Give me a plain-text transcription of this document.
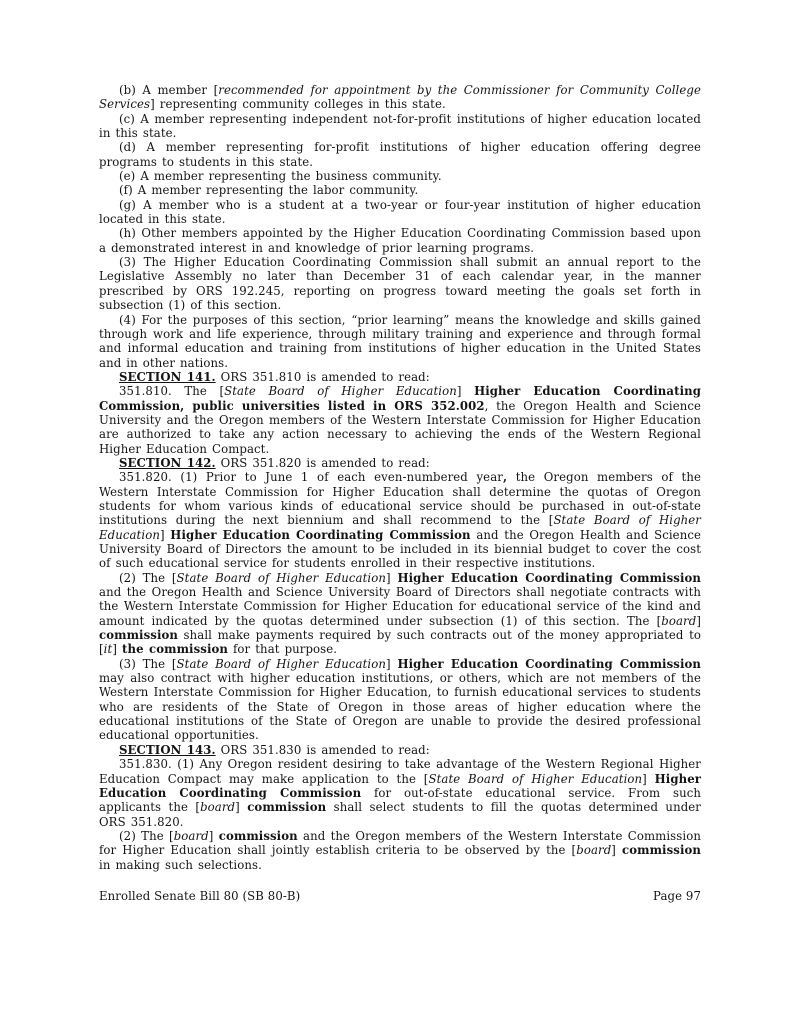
(b) A member [recommended for appointment by the Commissioner for Community College Services] representing community colleges in this state.

(c) A member representing independent not-for-profit institutions of higher education located in this state.

(d) A member representing for-profit institutions of higher education offering degree programs to students in this state.

(e) A member representing the business community.

(f) A member representing the labor community.

(g) A member who is a student at a two-year or four-year institution of higher education located in this state.

(h) Other members appointed by the Higher Education Coordinating Commission based upon a demonstrated interest in and knowledge of prior learning programs.

(3) The Higher Education Coordinating Commission shall submit an annual report to the Legislative Assembly no later than December 31 of each calendar year, in the manner prescribed by ORS 192.245, reporting on progress toward meeting the goals set forth in subsection (1) of this section.

(4) For the purposes of this section, “prior learning” means the knowledge and skills gained through work and life experience, through military training and experience and through formal and informal education and training from institutions of higher education in the United States and in other nations.

SECTION 141. ORS 351.810 is amended to read:

351.810. The [State Board of Higher Education] Higher Education Coordinating Commission, public universities listed in ORS 352.002, the Oregon Health and Science University and the Oregon members of the Western Interstate Commission for Higher Education are authorized to take any action necessary to achieving the ends of the Western Regional Higher Education Compact.

SECTION 142. ORS 351.820 is amended to read:

351.820. (1) Prior to June 1 of each even-numbered year, the Oregon members of the Western Interstate Commission for Higher Education shall determine the quotas of Oregon students for whom various kinds of educational service should be purchased in out-of-state institutions during the next biennium and shall recommend to the [State Board of Higher Education] Higher Education Coordinating Commission and the Oregon Health and Science University Board of Directors the amount to be included in its biennial budget to cover the cost of such educational service for students enrolled in their respective institutions.

(2) The [State Board of Higher Education] Higher Education Coordinating Commission and the Oregon Health and Science University Board of Directors shall negotiate contracts with the Western Interstate Commission for Higher Education for educational service of the kind and amount indicated by the quotas determined under subsection (1) of this section. The [board] commission shall make payments required by such contracts out of the money appropriated to [it] the commission for that purpose.

(3) The [State Board of Higher Education] Higher Education Coordinating Commission may also contract with higher education institutions, or others, which are not members of the Western Interstate Commission for Higher Education, to furnish educational services to students who are residents of the State of Oregon in those areas of higher education where the educational institutions of the State of Oregon are unable to provide the desired professional educational opportunities.

SECTION 143. ORS 351.830 is amended to read:

351.830. (1) Any Oregon resident desiring to take advantage of the Western Regional Higher Education Compact may make application to the [State Board of Higher Education] Higher Education Coordinating Commission for out-of-state educational service. From such applicants the [board] commission shall select students to fill the quotas determined under ORS 351.820.

(2) The [board] commission and the Oregon members of the Western Interstate Commission for Higher Education shall jointly establish criteria to be observed by the [board] commission in making such selections.

Enrolled Senate Bill 80 (SB 80-B)	Page 97
